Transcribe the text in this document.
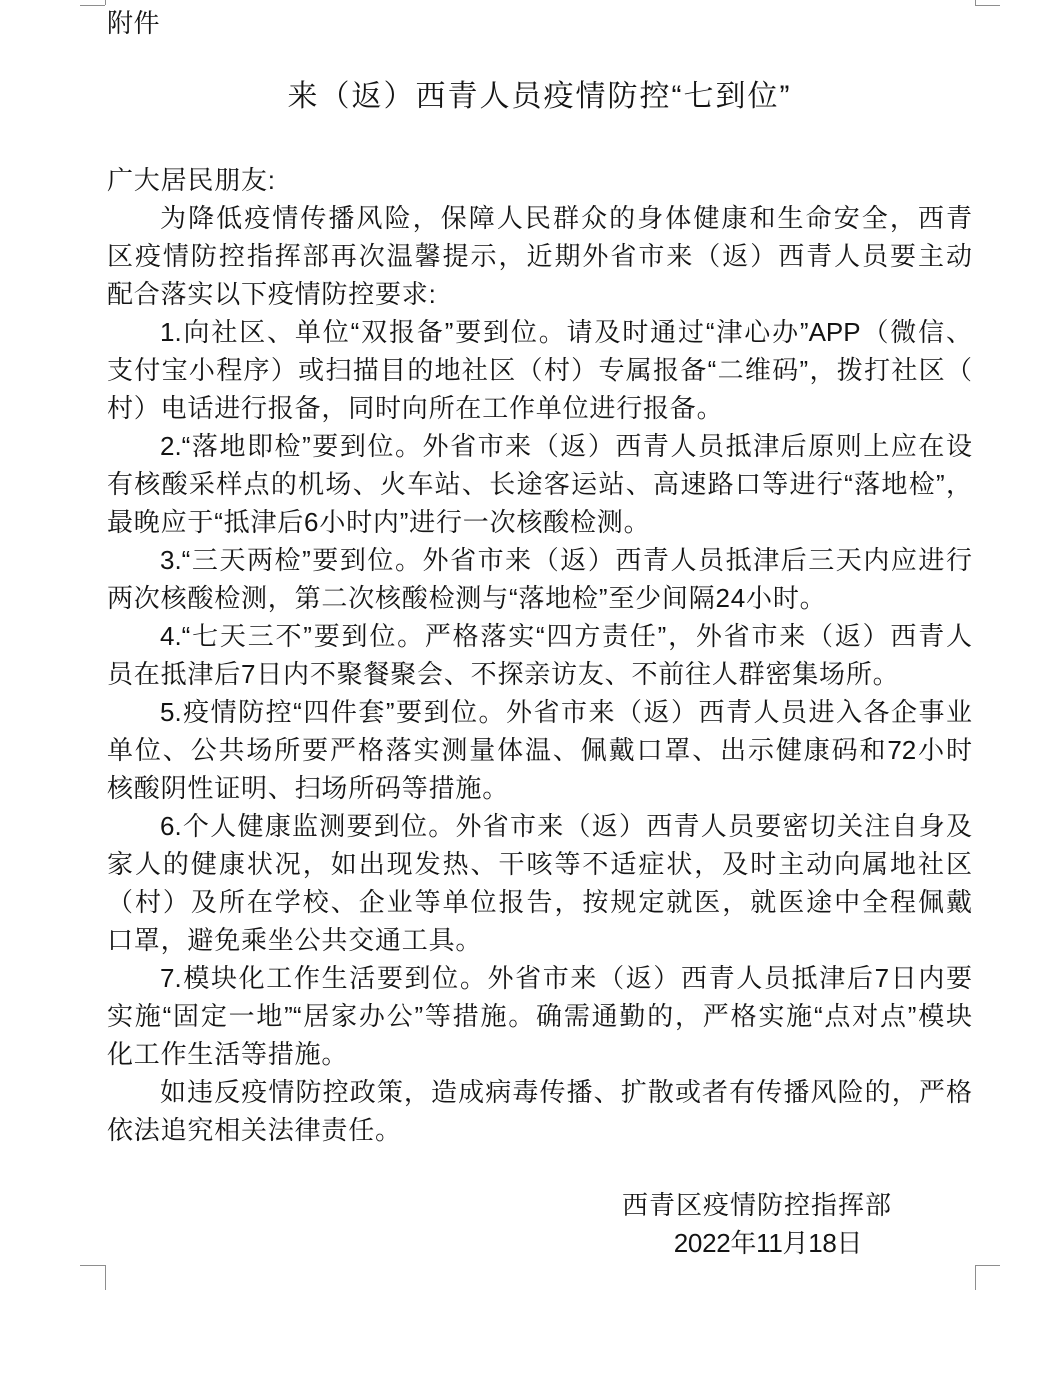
附件
来（返）西青人员疫情防控“七到位”
广大居民朋友:
为降低疫情传播风险，保障人民群众的身体健康和生命安全，西青
区疫情防控指挥部再次温馨提示，近期外省市来（返）西青人员要主动
配合落实以下疫情防控要求:
1.向社区、单位“双报备”要到位。请及时通过“津心办”APP（微信、
支付宝小程序）或扫描目的地社区（村）专属报备“二维码”，拨打社区（
村）电话进行报备，同时向所在工作单位进行报备。
2.“落地即检”要到位。外省市来（返）西青人员抵津后原则上应在设
有核酸采样点的机场、火车站、长途客运站、高速路口等进行“落地检”，
最晚应于“抵津后6小时内”进行一次核酸检测。
3.“三天两检”要到位。外省市来（返）西青人员抵津后三天内应进行
两次核酸检测，第二次核酸检测与“落地检”至少间隔24小时。
4.“七天三不”要到位。严格落实“四方责任”，外省市来（返）西青人
员在抵津后7日内不聚餐聚会、不探亲访友、不前往人群密集场所。
5.疫情防控“四件套”要到位。外省市来（返）西青人员进入各企事业
单位、公共场所要严格落实测量体温、佩戴口罩、出示健康码和72小时
核酸阴性证明、扫场所码等措施。
6.个人健康监测要到位。外省市来（返）西青人员要密切关注自身及
家人的健康状况，如出现发热、干咳等不适症状，及时主动向属地社区
（村）及所在学校、企业等单位报告，按规定就医，就医途中全程佩戴
口罩，避免乘坐公共交通工具。
7.模块化工作生活要到位。外省市来（返）西青人员抵津后7日内要
实施“固定一地”“居家办公”等措施。确需通勤的，严格实施“点对点”模块
化工作生活等措施。
如违反疫情防控政策，造成病毒传播、扩散或者有传播风险的，严格
依法追究相关法律责任。
西青区疫情防控指挥部
2022年11月18日
